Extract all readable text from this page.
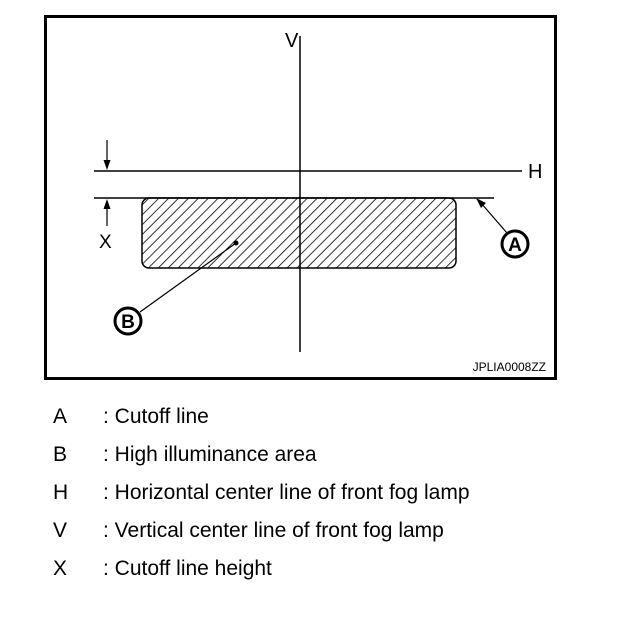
V
H
X	A
B
JPLIA0008ZZ
A	: Cutoff line
B	: High illuminance area
H	: Horizontal center line of front fog lamp
V	: Vertical center line of front fog lamp
X	: Cutoff line height
